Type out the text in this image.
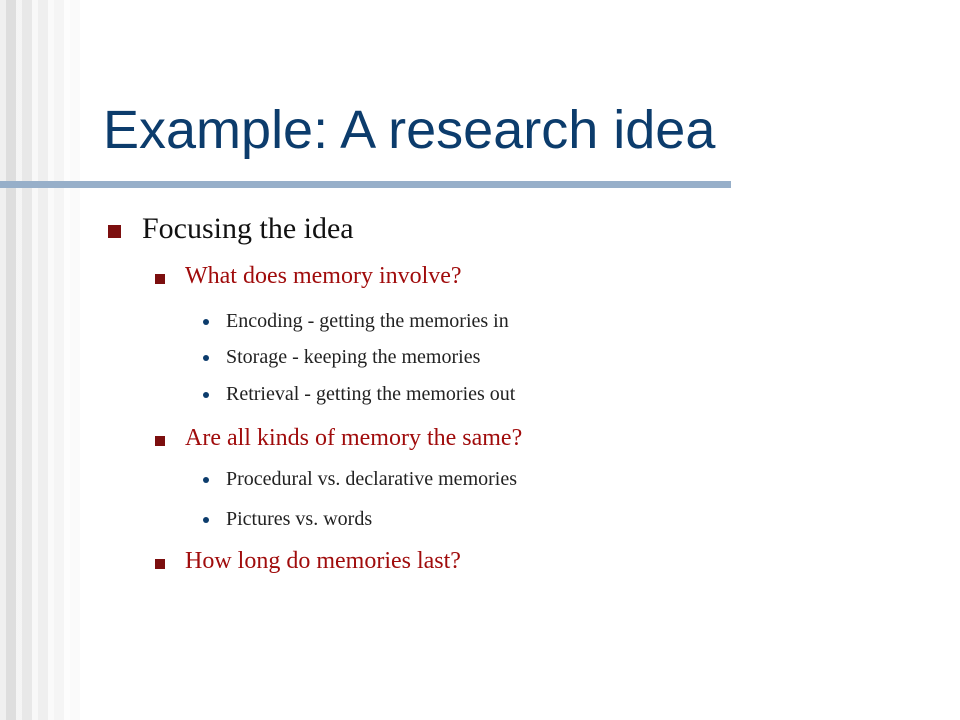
Example: A research idea
Focusing the idea
What does memory involve?
Encoding - getting the memories in
Storage - keeping the memories
Retrieval - getting the memories out
Are all kinds of memory the same?
Procedural vs. declarative memories
Pictures vs. words
How long do memories last?
